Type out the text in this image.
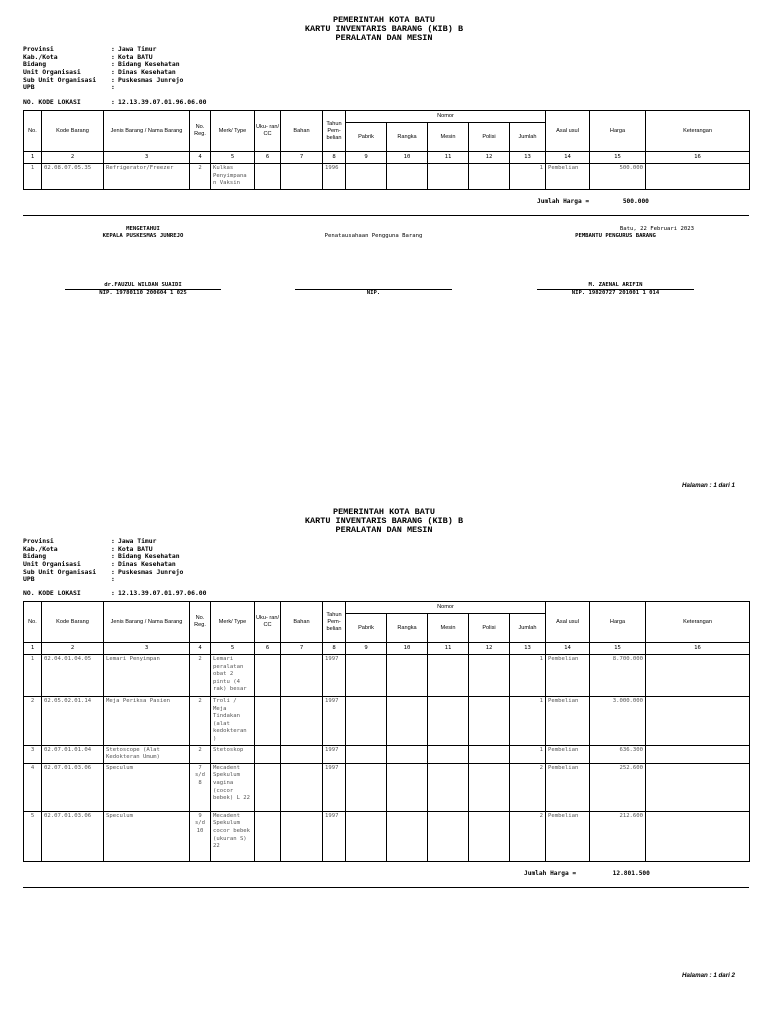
PEMERINTAH KOTA BATU
KARTU INVENTARIS BARANG (KIB) B
PERALATAN DAN MESIN
Provinsi	: Jawa Timur
Kab./Kota	: Kota BATU
Bidang	: Bidang Kesehatan
Unit Organisasi	: Dinas Kesehatan
Sub Unit Organisasi : Puskesmas Junrejo
UPB	:
NO. KODE LOKASI	: 12.13.39.07.01.96.06.00
No.	Kode Barang	Jenis Barang / Nama Barang	No. Reg.	Merk/ Type	Uku- ran/ CC	Bahan	Tahun Pem- belian	Nomor					Asal usul	Harga	Keterangan
								Pabrik	Rangka	Mesin	Polisi	Jumlah			
1	2	3	4	5	6	7	8	9	10	11	12	13	14	15	16
1	02.08.07.05.35	Refrigerator/Freezer	2	Kulkas Penyimpana n Vaksin			1996					1	Pembelian	500.000	
Jumlah Harga =	500.000
MENGETAHUI
KEPALA PUSKESMAS JUNREJO
dr.FAUZUL WILDAN SUAIDI
NIP. 19780110 200604 1 025

Penatausahaan Pengguna Barang

NIP.
Batu, 22 Februari 2023
PEMBANTU PENGURUS BARANG
M. ZAENAL ARIFIN
NIP. 19820727 201001 1 014
Halaman : 1 dari 1
PEMERINTAH KOTA BATU
KARTU INVENTARIS BARANG (KIB) B
PERALATAN DAN MESIN
Provinsi	: Jawa Timur
Kab./Kota	: Kota BATU
Bidang	: Bidang Kesehatan
Unit Organisasi	: Dinas Kesehatan
Sub Unit Organisasi : Puskesmas Junrejo
UPB	:
NO. KODE LOKASI	: 12.13.39.07.01.97.06.00
No.	Kode Barang	Jenis Barang / Nama Barang	No. Reg.	Merk/ Type	Uku- ran/ CC	Bahan	Tahun Pem- belian	Nomor					Asal usul	Harga	Keterangan
								Pabrik	Rangka	Mesin	Polisi	Jumlah			
1	2	3	4	5	6	7	8	9	10	11	12	13	14	15	16
1	02.04.01.04.05	Lemari Penyimpan	2	Lemari peralatan obat 2 pintu (4 rak) besar			1997					1	Pembelian	8.700.000	
2	02.05.02.01.14	Meja Periksa Pasien	2	Troli / Meja Tindakan (alat kedokteran )			1997					1	Pembelian	3.000.000	
3	02.07.01.01.04	Stetoscope (Alat Kedokteran Umum)	2	Stetoskop			1997					1	Pembelian	636.300	
4	02.07.01.03.06	Speculum	7 s/d 8	Mecadent Spekulum vagina (cocor bebek) L 22			1997					2	Pembelian	252.600	
5	02.07.01.03.06	Speculum	9 s/d 10	Mecadent Spekulum cocor bebek (ukuran S) 22			1997					2	Pembelian	212.600	
Jumlah Harga =	12.801.500
Halaman : 1 dari 2
